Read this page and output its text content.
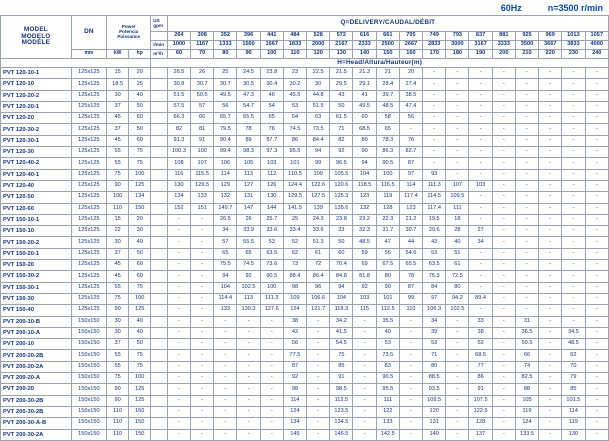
60Hz	n=3500 r/min
MODEL
MODELO
MODÈLE
	DN	
Power
Potencia
Puissance

US
gpm	Q=DELIVERY/CAUDAL/DÉBIT
					264	308	352	396	441	484	528	572	616	661	705	749	793	837	881	925	969	1013	1057
				l/min	1000	1167	1333	1500	1667	1833	2000	2167	2333	2500	2667	2833	3000	3167	3333	3500	3667	3833	4000
	mm	kW	hp	m³/h	60	70	80	90	100	110	120	130	140	150	160	170	180	190	200	210	220	230	240
				H=Head/Altura/Hauteur(m)																			
PVT 120-10-1	125x125	15	20		26.5	26	25	24.5	23.8	23	22.5	21.5	21.3	21	20	-	-	-	-	-	-	-	-
PVT 120-10	125x125	18.5	25		30.8	30.7	30.7	30.5	30.4	30.2	30	29.5	29.1	28.4	27.4	-	-	-	-	-	-	-	-
PVT 120-20-2	125x125	30	40		51.5	50.5	49.5	47.3	46	45.5	44.8	43	41	39.7	38.5	-	-	-	-	-	-	-	-
PVT 120-20-1	125x125	37	50		57.5	57	56	54.7	54	53	51.5	50	49.5	48.5	47.4	-	-	-	-	-	-	-	-
PVT 120-20	125x125	45	60		66.3	66	65.7	65.5	65	64	63	61.5	60	58	56	-	-	-	-	-	-	-	-
PVT 120-30-2	125x125	37	50		82	81	79.5	78	76	74.5	73.5	71	68.5	65	-	-	-	-	-	-	-	-	-
PVT 120-30-1	125x125	45	60		91.3	91	90.4	89	87.7	86	84.4	82	80	78.3	76	-	-	-	-	-	-	-	-
PVT 120-30	125x125	55	75		100.3	100	99.4	98.3	97.3	95.5	94	92	90	86.3	82.7	-	-	-	-	-	-	-	-
PVT 120-40-2	125x125	55	75		108	107	106	105	103	101	99	96.5	94	90.5	87	-	-	-	-	-	-	-	-
PVT 120-40-1	125x125	75	100		116	115.5	114	113	112	110.5	109	105.5	104	100	97	93	-	-	-	-	-	-	-
PVT 120-40	125x125	90	125		130	129.5	129	127	126	124.4	122.6	120.6	118.5	116.5	114	111.3	107	103	-	-	-	-	-
PVT 120-50	125x125	100	134		134	133	132	131	130	129.5	127.5	125.3	123	119	117.4	114.5	109.5	-	-	-	-	-	-
PVT 120-60	125x125	110	150		152	151	149.7	147	144	141.5	139	135.6	132	128	123	117.4	111	-	-	-	-	-	-
PVT 150-10-1	125x125	15	20		-	-	26.5	26	25.7	25	24.3	23.8	23.2	22.3	21.2	19.5	18	-	-	-	-	-	-
PVT 150-10	125x125	22	30		-	-	34	33.9	33.6	33.4	33.6	33	32.3	31.7	30.7	29.6	28	27	-	-	-	-	-
PVT 150-20-2	125x125	30	40		-	-	57	55.5	53	52	51.3	50	48.5	47	44	43	40	34	-	-	-	-	-
PVT 150-20-1	125x125	37	50		-	-	65	65	63.5	62	61	60	59	56	54.6	53	51	-	-	-	-	-	-
PVT 150-20	125x125	45	60		-	-	75.5	74.5	73.6	73	72	70.4	69	67.5	65.5	63.5	61	-	-	-	-	-	-
PVT 150-30-2	125x125	45	60		-	-	94	92	90.5	88.4	86.4	84.8	81.8	80	78	75.3	72.5	-	-	-	-	-	-
PVT 150-30-1	125x125	55	75		-	-	104	102.5	100	98	96	94	92	90	87	84	80	-	-	-	-	-	-
PVT 150-30	125x125	75	100		-	-	114.4	113	111.3	109	106.6	104	103	101	99	97	94.2	89.4	-	-	-	-	-
PVT 150-40	125x125	90	125		-	-	133	130.3	127.6	124	121.7	118.3	115	112.5	110	106.3	102.5	-	-	-	-	-	-
PVT 200-10-B	150x150	30	40		-	-	-	-	-	38	-	34.2	-	35.5	-	34	-	33	-	31	-	-	-
PVT 200-10-A	150x150	30	40		-	-	-	-	-	42	-	41.5	-	40	-	39	-	38	-	36.5	-	34.5	-
PVT 200-10	150x150	37	50		-	-	-	-	-	56	-	54.5	-	53	-	53	-	52	-	50.5	-	48.5	-
PVT 200-20-2B	150x150	55	75		-	-	-	-	-	77.5	-	75	-	73.5	-	71	-	68.5	-	66	-	62	-
PVT 200-20-2A	150x150	55	75		-	-	-	-	-	87	-	85	-	83	-	80	-	77	-	74	-	70	-
PVT 200-20-A	150x150	75	100		-	-	-	-	-	92	-	91	-	90.5	-	88.5	-	86	-	82.5	-	79	-
PVT 200-20	150x150	90	125		-	-	-	-	-	98	-	98.5	-	95.5	-	93.5	-	91	-	88	-	85	-
PVT 200-30-2B	150x150	90	125		-	-	-	-	-	114	-	112.5	-	111	-	109.5	-	107.5	-	105	-	101.5	-
PVT 200-30-2B	150x150	110	150		-	-	-	-	-	124	-	123.5	-	122	-	120	-	122.5	-	119	-	114	-
PVT 200-30-A-B	150x150	110	150		-	-	-	-	-	134	-	134.5	-	133	-	131	-	128	-	124	-	119	-
PVT 200-30-2A	150x150	110	150		-	-	-	-	-	145	-	146.5	-	142.5	-	140	-	137	-	133.5	-	130	-
